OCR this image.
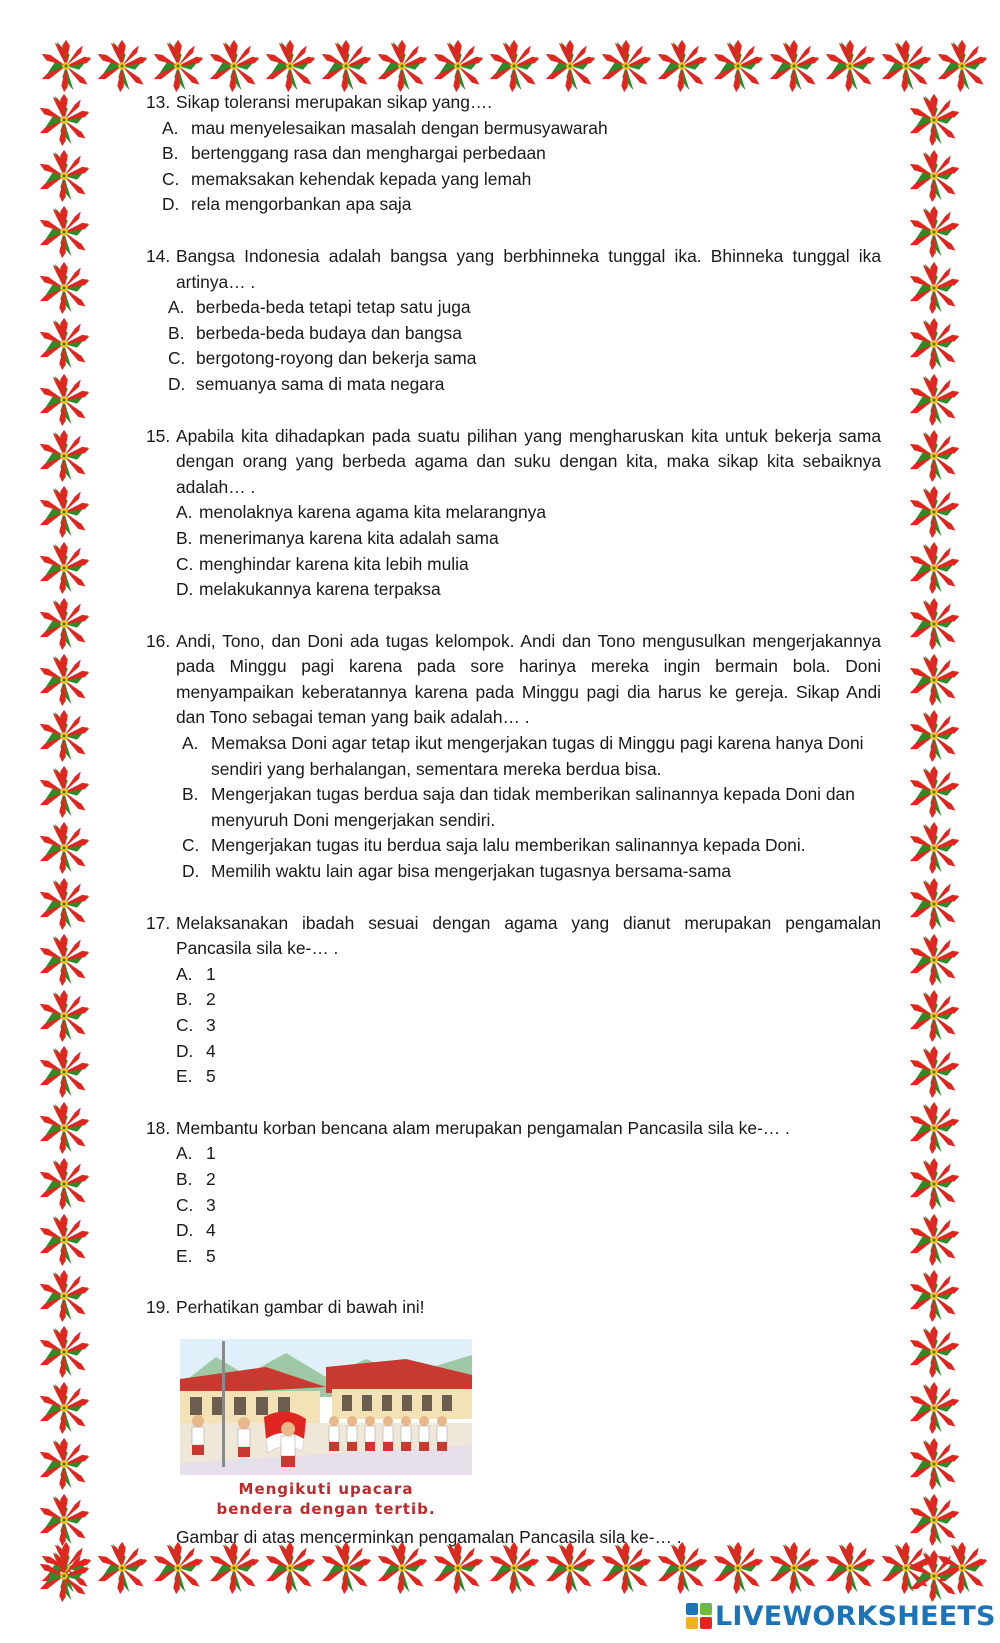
13. Sikap toleransi merupakan sikap yang….
A. mau menyelesaikan masalah dengan bermusyawarah
B. bertenggang rasa dan menghargai perbedaan
C. memaksakan kehendak kepada yang lemah
D. rela mengorbankan apa saja
14. Bangsa Indonesia adalah bangsa yang berbhinneka tunggal ika. Bhinneka tunggal ika artinya… .
A. berbeda-beda tetapi tetap satu juga
B. berbeda-beda budaya dan bangsa
C. bergotong-royong dan bekerja sama
D. semuanya sama di mata negara
15. Apabila kita dihadapkan pada suatu pilihan yang mengharuskan kita untuk bekerja sama dengan orang yang berbeda agama dan suku dengan kita, maka sikap kita sebaiknya adalah… .
A. menolaknya karena agama kita melarangnya
B. menerimanya karena kita adalah sama
C. menghindar karena kita lebih mulia
D. melakukannya karena terpaksa
16. Andi, Tono, dan Doni ada tugas kelompok. Andi dan Tono mengusulkan mengerjakannya pada Minggu pagi karena pada sore harinya mereka ingin bermain bola. Doni menyampaikan keberatannya karena pada Minggu pagi dia harus ke gereja. Sikap Andi dan Tono sebagai teman yang baik adalah… .
A. Memaksa Doni agar tetap ikut mengerjakan tugas di Minggu pagi karena hanya Doni sendiri yang berhalangan, sementara mereka berdua bisa.
B. Mengerjakan tugas berdua saja dan tidak memberikan salinannya kepada Doni dan menyuruh Doni mengerjakan sendiri.
C. Mengerjakan tugas itu berdua saja lalu memberikan salinannya kepada Doni.
D. Memilih waktu lain agar bisa mengerjakan tugasnya bersama-sama
17. Melaksanakan ibadah sesuai dengan agama yang dianut merupakan pengamalan Pancasila sila ke-… .
A. 1
B. 2
C. 3
D. 4
E. 5
18. Membantu korban bencana alam merupakan pengamalan Pancasila sila ke-… .
A. 1
B. 2
C. 3
D. 4
E. 5
19. Perhatikan gambar di bawah ini!
Mengikuti upacara
bendera dengan tertib.
Gambar di atas mencerminkan pengamalan Pancasila sila ke-… .
LIVEWORKSHEETS
